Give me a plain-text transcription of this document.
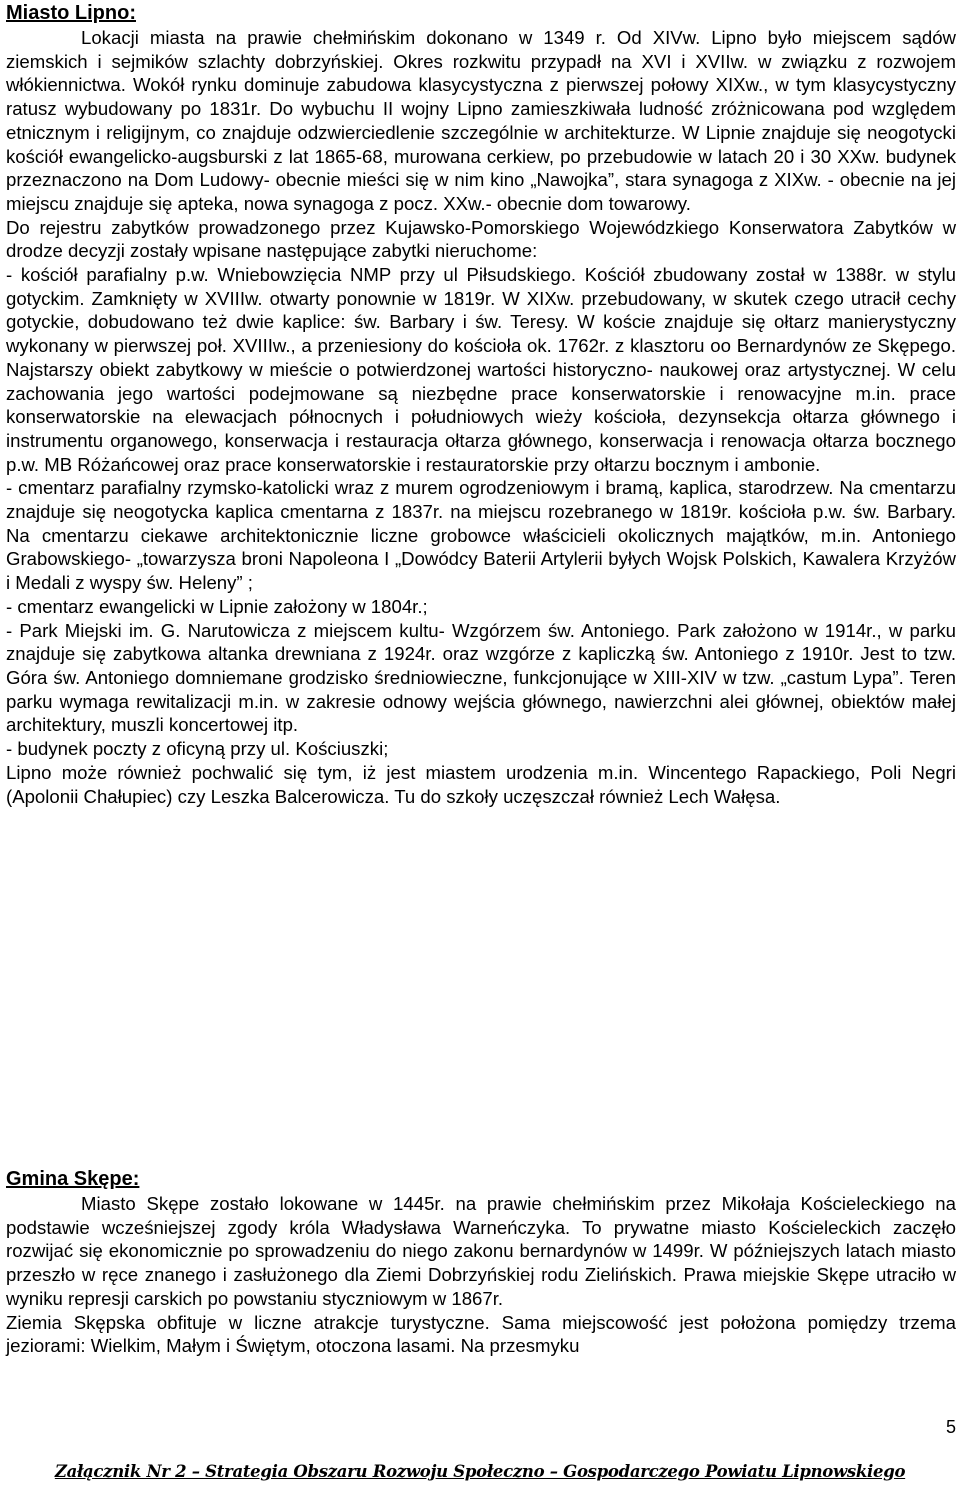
Miasto Lipno:

Lokacji miasta na prawie chełmińskim dokonano w 1349 r. Od XIVw. Lipno było miejscem sądów ziemskich i sejmików szlachty dobrzyńskiej. Okres rozkwitu przypadł na XVI i XVIIw. w związku z rozwojem włókiennictwa. Wokół rynku dominuje zabudowa klasycystyczna z pierwszej połowy XIXw., w tym klasycystyczny ratusz wybudowany po 1831r. Do wybuchu II wojny Lipno zamieszkiwała ludność zróżnicowana pod względem etnicznym i religijnym, co znajduje odzwierciedlenie szczególnie w architekturze. W Lipnie znajduje się neogotycki kościół ewangelicko-augsburski z lat 1865-68, murowana cerkiew, po przebudowie w latach 20 i 30 XXw. budynek przeznaczono na Dom Ludowy- obecnie mieści się w nim kino „Nawojka”, stara synagoga z XIXw. - obecnie na jej miejscu znajduje się apteka, nowa synagoga z pocz. XXw.- obecnie dom towarowy.

Do rejestru zabytków prowadzonego przez Kujawsko-Pomorskiego Wojewódzkiego Konserwatora Zabytków w drodze decyzji zostały wpisane następujące zabytki nieruchome:

- kościół parafialny p.w. Wniebowzięcia NMP przy ul Piłsudskiego. Kościół zbudowany został w 1388r. w stylu gotyckim. Zamknięty w XVIIIw. otwarty ponownie w 1819r. W XIXw. przebudowany, w skutek czego utracił cechy gotyckie, dobudowano też dwie kaplice: św. Barbary i św. Teresy. W koście znajduje się ołtarz manierystyczny wykonany w pierwszej poł. XVIIIw., a przeniesiony do kościoła ok. 1762r. z klasztoru oo Bernardynów ze Skępego. Najstarszy obiekt zabytkowy w mieście o potwierdzonej wartości historyczno- naukowej oraz artystycznej. W celu zachowania jego wartości podejmowane są niezbędne prace konserwatorskie i renowacyjne m.in. prace konserwatorskie na elewacjach północnych i południowych wieży kościoła, dezynsekcja ołtarza głównego i instrumentu organowego, konserwacja i restauracja ołtarza głównego, konserwacja i renowacja ołtarza bocznego p.w. MB Różańcowej oraz prace konserwatorskie i restauratorskie przy ołtarzu bocznym i ambonie.

- cmentarz parafialny rzymsko-katolicki wraz z murem ogrodzeniowym i bramą, kaplica, starodrzew. Na cmentarzu znajduje się neogotycka kaplica cmentarna z 1837r. na miejscu rozebranego w 1819r. kościoła p.w. św. Barbary. Na cmentarzu ciekawe architektonicznie liczne grobowce właścicieli okolicznych majątków, m.in. Antoniego Grabowskiego- „towarzysza broni Napoleona I „Dowódcy Baterii Artylerii byłych Wojsk Polskich, Kawalera Krzyżów i Medali z wyspy św. Heleny” ;

- cmentarz ewangelicki w Lipnie założony w 1804r.;

- Park Miejski im. G. Narutowicza z miejscem kultu- Wzgórzem św. Antoniego. Park założono w 1914r., w parku znajduje się zabytkowa altanka drewniana z 1924r. oraz wzgórze z kapliczką św. Antoniego z 1910r. Jest to tzw. Góra św. Antoniego domniemane grodzisko średniowieczne, funkcjonujące w XIII-XIV w tzw. „castum Lypa”. Teren parku wymaga rewitalizacji m.in. w zakresie odnowy wejścia głównego, nawierzchni alei głównej, obiektów małej architektury, muszli koncertowej itp.

- budynek poczty z oficyną przy ul. Kościuszki;

Lipno może również pochwalić się tym, iż jest miastem urodzenia m.in. Wincentego Rapackiego, Poli Negri (Apolonii Chałupiec) czy Leszka Balcerowicza. Tu do szkoły uczęszczał również Lech Wałęsa.

Gmina Skępe:

Miasto Skępe zostało lokowane w 1445r. na prawie chełmińskim przez Mikołaja Kościeleckiego na podstawie wcześniejszej zgody króla Władysława Warneńczyka. To prywatne miasto Kościeleckich zaczęło rozwijać się ekonomicznie po sprowadzeniu do niego zakonu bernardynów w 1499r. W późniejszych latach miasto przeszło w ręce znanego i zasłużonego dla Ziemi Dobrzyńskiej rodu Zielińskich. Prawa miejskie Skępe utraciło w wyniku represji carskich po powstaniu styczniowym w 1867r.

Ziemia Skępska obfituje w liczne atrakcje turystyczne. Sama miejscowość jest położona pomiędzy trzema jeziorami: Wielkim, Małym i Świętym, otoczona lasami. Na przesmyku

5
Załącznik Nr 2 – Strategia Obszaru Rozwoju Społeczno – Gospodarczego Powiatu Lipnowskiego
